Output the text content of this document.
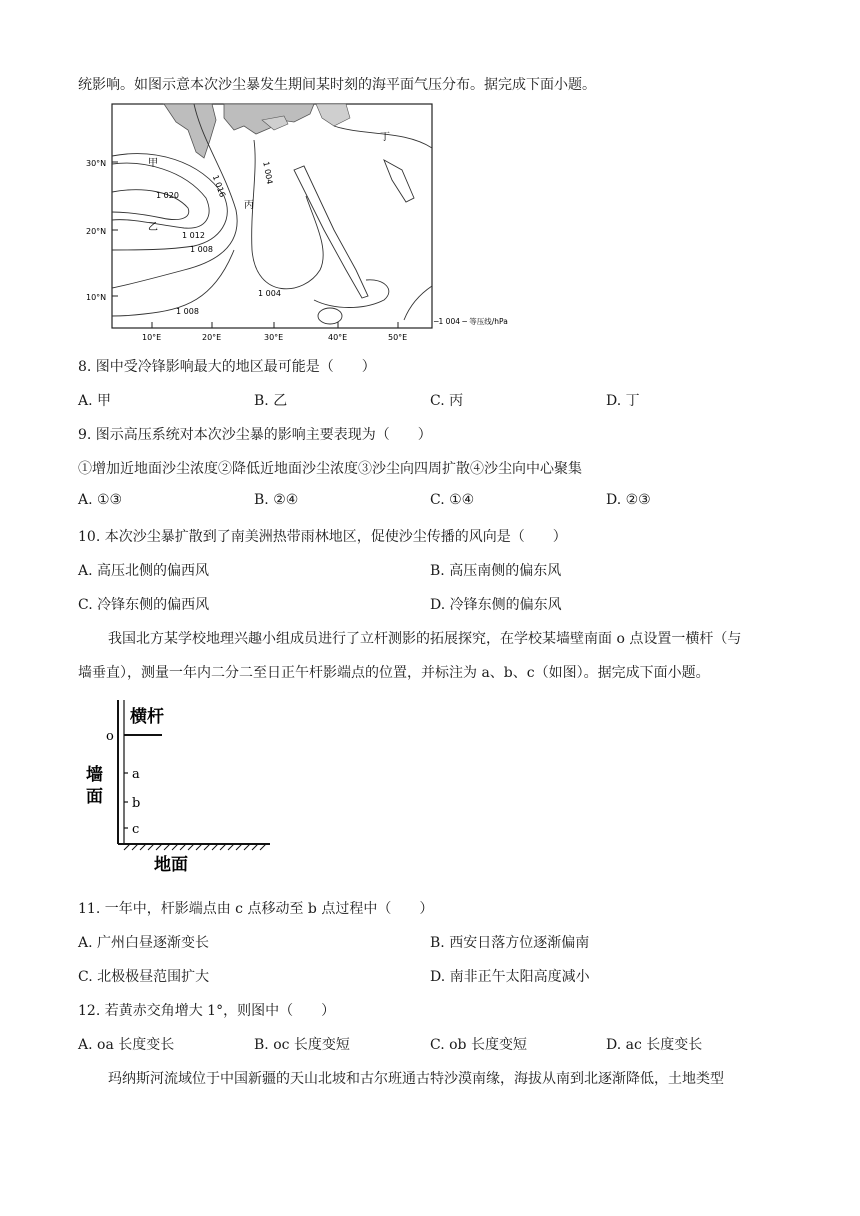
统影响。如图示意本次沙尘暴发生期间某时刻的海平面气压分布。据完成下面小题。
30°N
20°N
10°N
10°E	20°E	30°E	40°E	50°E
甲
乙
丙
丁
1 020	1 016
1 012
1 008
1 004
1 004
1 008
─1 004 ─ 等压线/hPa
8. 图中受冷锋影响最大的地区最可能是（　　）
A. 甲	B. 乙	C. 丙	D. 丁
9. 图示高压系统对本次沙尘暴的影响主要表现为（　　）
①增加近地面沙尘浓度②降低近地面沙尘浓度③沙尘向四周扩散④沙尘向中心聚集
A. ①③	B. ②④	C. ①④	D. ②③
10. 本次沙尘暴扩散到了南美洲热带雨林地区，促使沙尘传播的风向是（　　）
A. 高压北侧的偏西风	B. 高压南侧的偏东风
C. 冷锋东侧的偏西风	D. 冷锋东侧的偏东风
我国北方某学校地理兴趣小组成员进行了立杆测影的拓展探究，在学校某墙壁南面 o 点设置一横杆（与
墙垂直），测量一年内二分二至日正午杆影端点的位置，并标注为 a、b、c（如图）。据完成下面小题。
横杆
o
a
b
c
墙
面
地面
11. 一年中，杆影端点由 c 点移动至 b 点过程中（　　）
A. 广州白昼逐渐变长	B. 西安日落方位逐渐偏南
C. 北极极昼范围扩大	D. 南非正午太阳高度减小
12. 若黄赤交角增大 1°，则图中（　　）
A. oa 长度变长	B. oc 长度变短	C. ob 长度变短	D. ac 长度变长
玛纳斯河流域位于中国新疆的天山北坡和古尔班通古特沙漠南缘，海拔从南到北逐渐降低，土地类型
